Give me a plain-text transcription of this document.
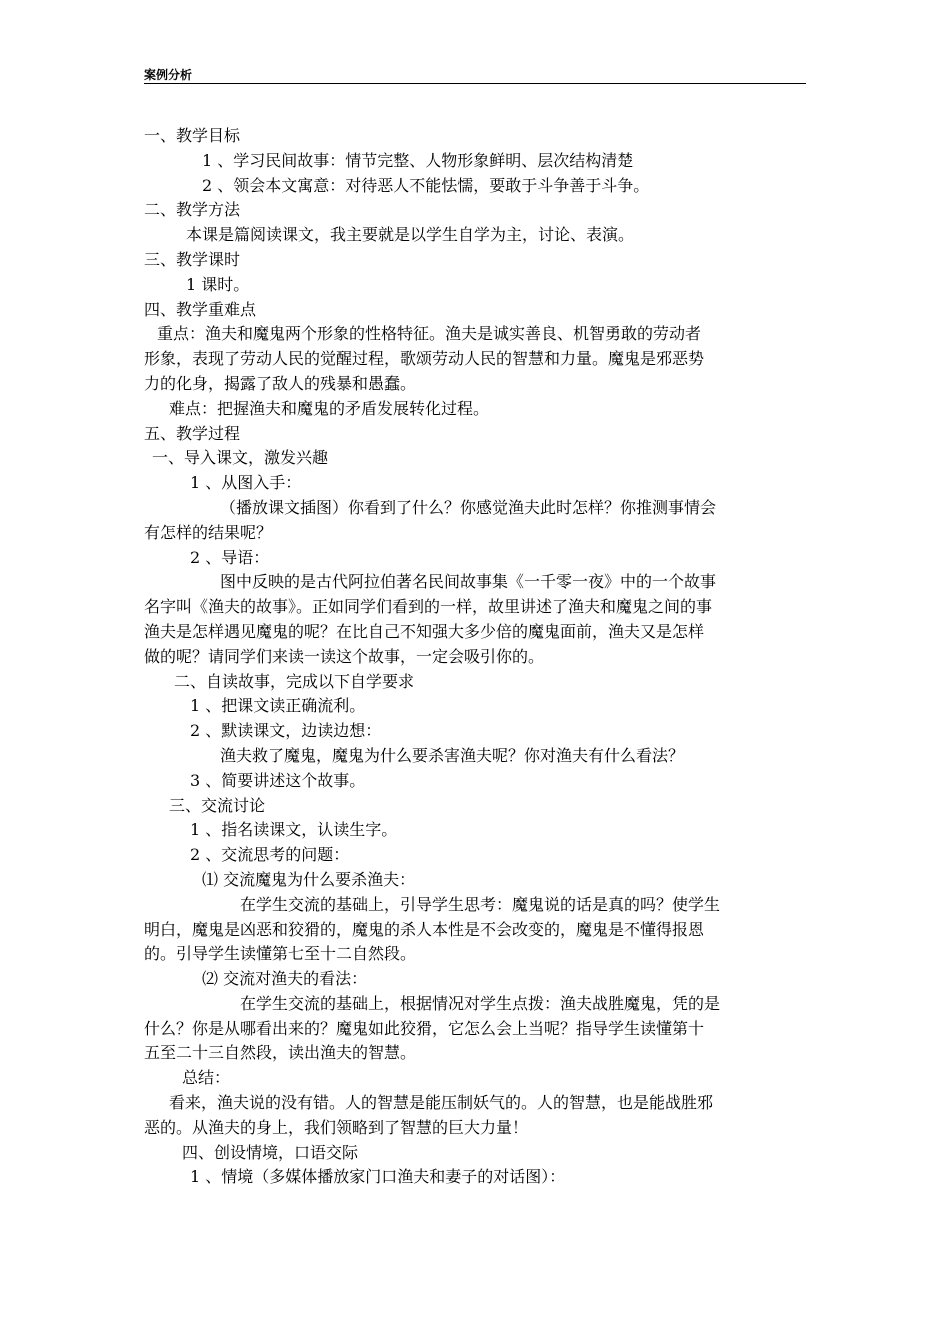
案例分析
一、教学目标
1 、学习民间故事：情节完整、人物形象鲜明、层次结构清楚
2 、领会本文寓意：对待恶人不能怯懦，要敢于斗争善于斗争。
二、教学方法
本课是篇阅读课文，我主要就是以学生自学为主，讨论、表演。
三、教学课时
1 课时。
四、教学重难点
重点：渔夫和魔鬼两个形象的性格特征。渔夫是诚实善良、机智勇敢的劳动者
形象，表现了劳动人民的觉醒过程，歌颂劳动人民的智慧和力量。魔鬼是邪恶势
力的化身，揭露了敌人的残暴和愚蠢。
难点：把握渔夫和魔鬼的矛盾发展转化过程。
五、教学过程
一、导入课文，激发兴趣
1 、从图入手：
（播放课文插图）你看到了什么？你感觉渔夫此时怎样？你推测事情会
有怎样的结果呢？
2 、导语：
图中反映的是古代阿拉伯著名民间故事集《一千零一夜》中的一个故事
名字叫《渔夫的故事》。正如同学们看到的一样，故里讲述了渔夫和魔鬼之间的事
渔夫是怎样遇见魔鬼的呢？在比自己不知强大多少倍的魔鬼面前，渔夫又是怎样
做的呢？请同学们来读一读这个故事，一定会吸引你的。
二、自读故事，完成以下自学要求
1 、把课文读正确流利。
2 、默读课文，边读边想：
渔夫救了魔鬼，魔鬼为什么要杀害渔夫呢？你对渔夫有什么看法？
3 、简要讲述这个故事。
三、交流讨论
1 、指名读课文，认读生字。
2 、交流思考的问题：
⑴ 交流魔鬼为什么要杀渔夫：
在学生交流的基础上，引导学生思考：魔鬼说的话是真的吗？使学生
明白，魔鬼是凶恶和狡猾的，魔鬼的杀人本性是不会改变的，魔鬼是不懂得报恩
的。引导学生读懂第七至十二自然段。
⑵ 交流对渔夫的看法：
在学生交流的基础上，根据情况对学生点拨：渔夫战胜魔鬼，凭的是
什么？你是从哪看出来的？魔鬼如此狡猾，它怎么会上当呢？指导学生读懂第十
五至二十三自然段，读出渔夫的智慧。
总结：
看来，渔夫说的没有错。人的智慧是能压制妖气的。人的智慧，也是能战胜邪
恶的。从渔夫的身上，我们领略到了智慧的巨大力量！
四、创设情境，口语交际
1 、情境（多媒体播放家门口渔夫和妻子的对话图）：
